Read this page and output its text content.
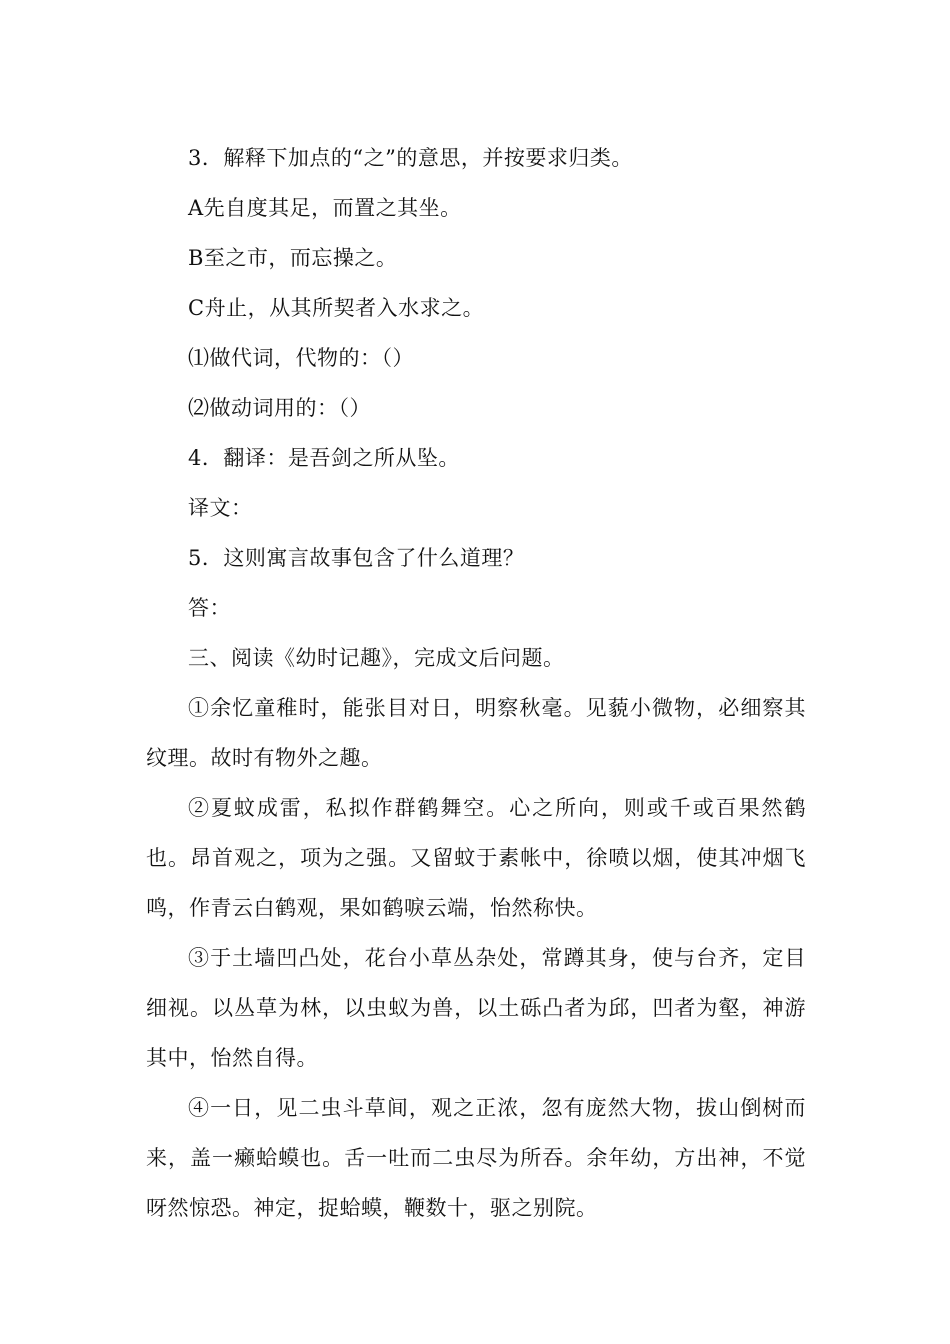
3．解释下加点的“之”的意思，并按要求归类。

A先自度其足，而置之其坐。

B至之市，而忘操之。

C舟止，从其所契者入水求之。

⑴做代词，代物的：（）

⑵做动词用的：（）

4．翻译：是吾剑之所从坠。

译文：

5．这则寓言故事包含了什么道理？

答：

三、阅读《幼时记趣》，完成文后问题。

①余忆童稚时，能张目对日，明察秋毫。见藐小微物，必细察其纹理。故时有物外之趣。

②夏蚊成雷，私拟作群鹤舞空。心之所向，则或千或百果然鹤也。昂首观之，项为之强。又留蚊于素帐中，徐喷以烟，使其冲烟飞鸣，作青云白鹤观，果如鹤唳云端，怡然称快。

③于土墙凹凸处，花台小草丛杂处，常蹲其身，使与台齐，定目细视。以丛草为林，以虫蚁为兽，以土砾凸者为邱，凹者为壑，神游其中，怡然自得。

④一日，见二虫斗草间，观之正浓，忽有庞然大物，拔山倒树而来，盖一癞蛤蟆也。舌一吐而二虫尽为所吞。余年幼，方出神，不觉呀然惊恐。神定，捉蛤蟆，鞭数十，驱之别院。
